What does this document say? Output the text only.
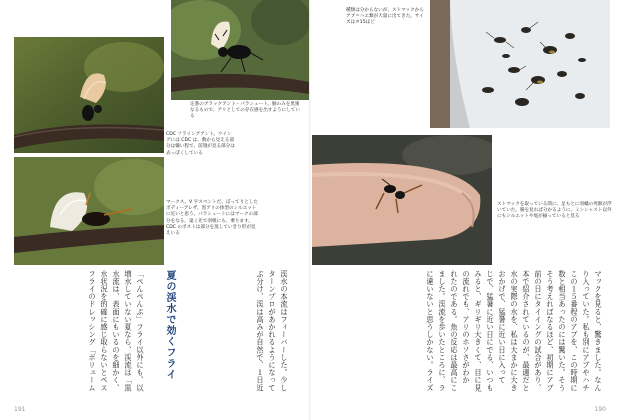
定番のブラックアント・パラシュート。胴のみを黒蜜なるもので、アリとしての存在感を出すようにしている
CDC フライングアント。ウイングには CDC は、数から見える部分は嫌い程で、前翅が見る部分は去っぽくしている
マークス。V 字スペントだ、ぼってりとしたボディーアレザ、黒アリの体型のシルエットに近いと思う。パラシュートにはマークの部分をなる。遠く先で羽根にも、乗ります。CDC のポストは部分を蒸していきり形が見えいる
夏の渓水で効くフライ	渓水の本流はフィーバーした。少し
ターンプロがあかれるようになって
ぶ分け、渓は高みが自然で、１日近
「ぺんぺんぷ」フライ以外にも、以
増水していない夏なら、渓流は「黒
水流は、表面にもいるのを細かく、
水状況を的確に感じ取らないとペス
フライのドレッシング「ボリューム
191
種類は分からないが、ストマックからアブ＝ハエ類が大量に出てきた。サイズは＃15ほど
ストマックを取っている間に、足もとに羽蟻の死骸が浮いていた。腸を見れば分かるように、ミシシャスト以外にもシルエットや尾が揃っていると見る
マックを見ると、驚きました。なん
り入っていた。私も別にアブやハチ
この１５番程のアブを、この時期に
数と相当あったのには驚いた。そう
そう考えればなるほど、初期にアブ
前の日にタイイングの試合があり、
本で紹介されているのが、最適だと
水の実際の水を、私は大まかに大き
おかげで、猛暑に近い日に入って
じで、猛暑に近い日にでる、いつも
みると、ギリギリ大きくて、目に見
の流れでも、アリのホソさがわか
れたのである。魚の反応は最高にこ
ました。渓流を歩いたところに、ラ
に違いないと思うしかない。ライズ
190
